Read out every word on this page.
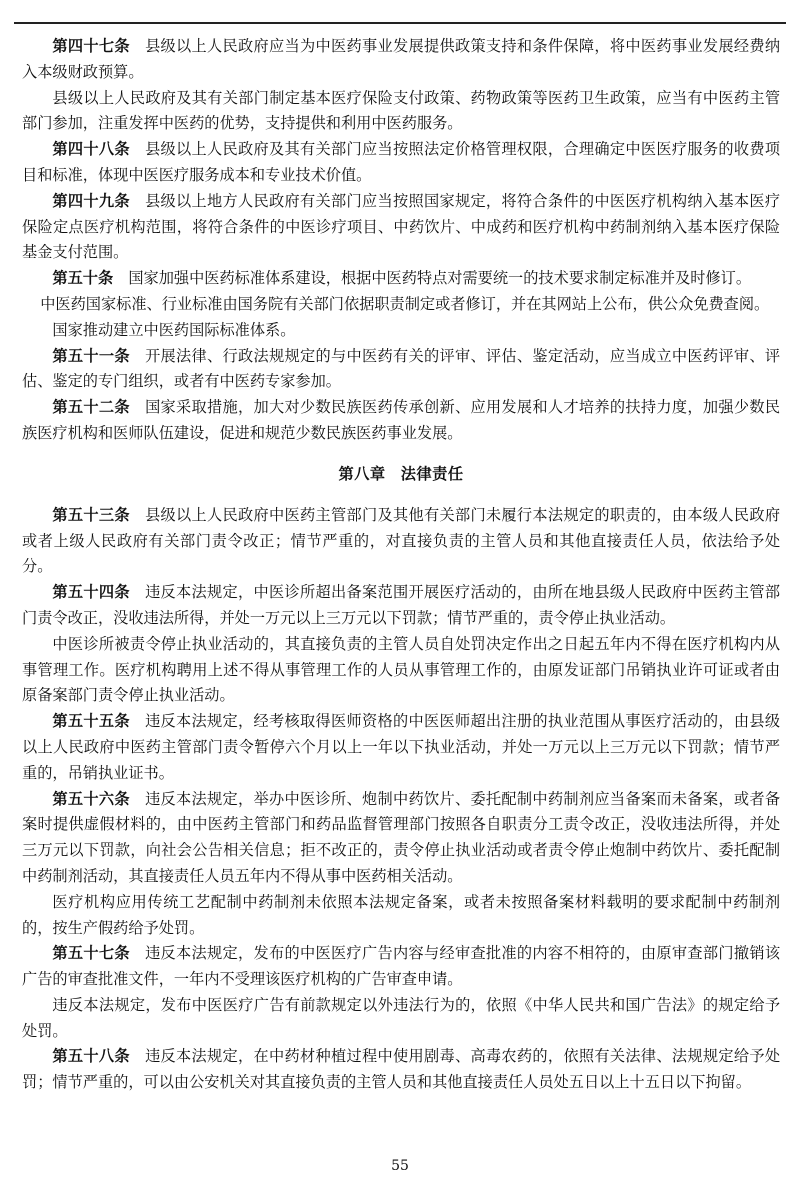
第四十七条 县级以上人民政府应当为中医药事业发展提供政策支持和条件保障，将中医药事业发展经费纳入本级财政预算。

县级以上人民政府及其有关部门制定基本医疗保险支付政策、药物政策等医药卫生政策，应当有中医药主管部门参加，注重发挥中医药的优势，支持提供和利用中医药服务。

第四十八条 县级以上人民政府及其有关部门应当按照法定价格管理权限，合理确定中医医疗服务的收费项目和标准，体现中医医疗服务成本和专业技术价值。

第四十九条 县级以上地方人民政府有关部门应当按照国家规定，将符合条件的中医医疗机构纳入基本医疗保险定点医疗机构范围，将符合条件的中医诊疗项目、中药饮片、中成药和医疗机构中药制剂纳入基本医疗保险基金支付范围。

第五十条 国家加强中医药标准体系建设，根据中医药特点对需要统一的技术要求制定标准并及时修订。

中医药国家标准、行业标准由国务院有关部门依据职责制定或者修订，并在其网站上公布，供公众免费查阅。

国家推动建立中医药国际标准体系。

第五十一条 开展法律、行政法规规定的与中医药有关的评审、评估、鉴定活动，应当成立中医药评审、评估、鉴定的专门组织，或者有中医药专家参加。

第五十二条 国家采取措施，加大对少数民族医药传承创新、应用发展和人才培养的扶持力度，加强少数民族医疗机构和医师队伍建设，促进和规范少数民族医药事业发展。

第八章 法律责任

第五十三条 县级以上人民政府中医药主管部门及其他有关部门未履行本法规定的职责的，由本级人民政府或者上级人民政府有关部门责令改正；情节严重的，对直接负责的主管人员和其他直接责任人员，依法给予处分。

第五十四条 违反本法规定，中医诊所超出备案范围开展医疗活动的，由所在地县级人民政府中医药主管部门责令改正，没收违法所得，并处一万元以上三万元以下罚款；情节严重的，责令停止执业活动。

中医诊所被责令停止执业活动的，其直接负责的主管人员自处罚决定作出之日起五年内不得在医疗机构内从事管理工作。医疗机构聘用上述不得从事管理工作的人员从事管理工作的，由原发证部门吊销执业许可证或者由原备案部门责令停止执业活动。

第五十五条 违反本法规定，经考核取得医师资格的中医医师超出注册的执业范围从事医疗活动的，由县级以上人民政府中医药主管部门责令暂停六个月以上一年以下执业活动，并处一万元以上三万元以下罚款；情节严重的，吊销执业证书。

第五十六条 违反本法规定，举办中医诊所、炮制中药饮片、委托配制中药制剂应当备案而未备案，或者备案时提供虚假材料的，由中医药主管部门和药品监督管理部门按照各自职责分工责令改正，没收违法所得，并处三万元以下罚款，向社会公告相关信息；拒不改正的，责令停止执业活动或者责令停止炮制中药饮片、委托配制中药制剂活动，其直接责任人员五年内不得从事中医药相关活动。

医疗机构应用传统工艺配制中药制剂未依照本法规定备案，或者未按照备案材料载明的要求配制中药制剂的，按生产假药给予处罚。

第五十七条 违反本法规定，发布的中医医疗广告内容与经审查批准的内容不相符的，由原审查部门撤销该广告的审查批准文件，一年内不受理该医疗机构的广告审查申请。

违反本法规定，发布中医医疗广告有前款规定以外违法行为的，依照《中华人民共和国广告法》的规定给予处罚。

第五十八条 违反本法规定，在中药材种植过程中使用剧毒、高毒农药的，依照有关法律、法规规定给予处罚；情节严重的，可以由公安机关对其直接负责的主管人员和其他直接责任人员处五日以上十五日以下拘留。

55
